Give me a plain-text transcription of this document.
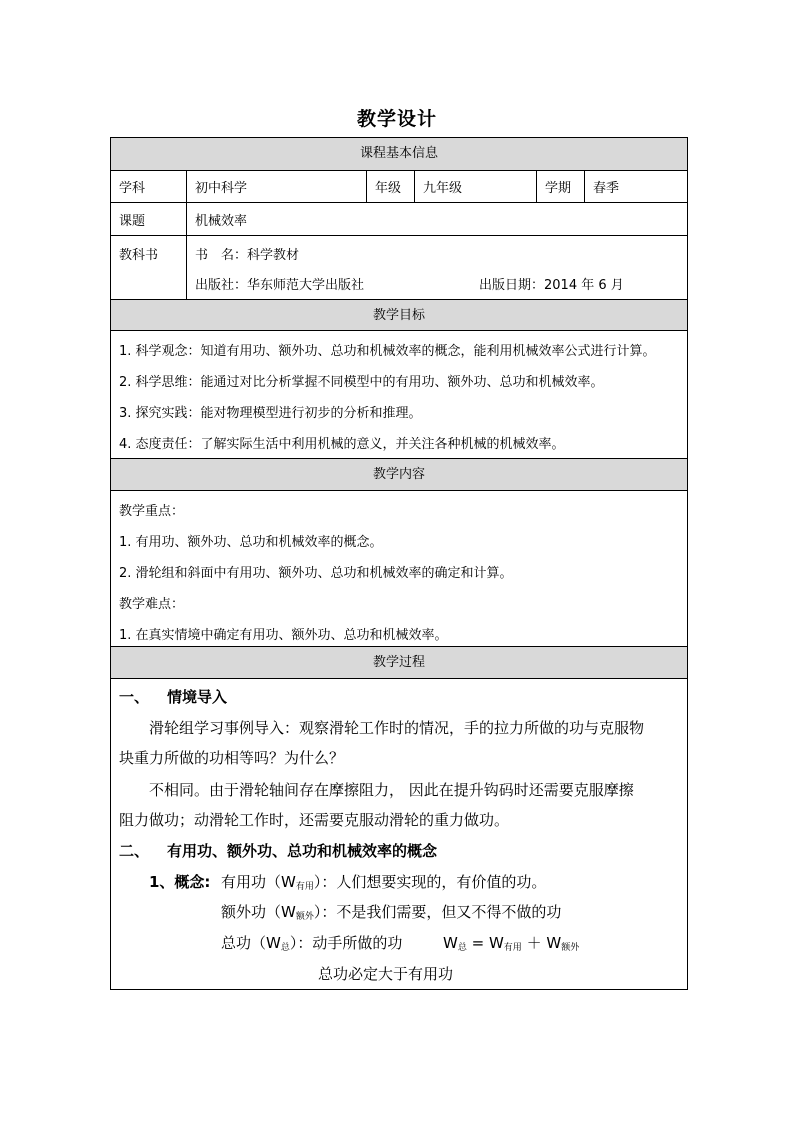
教学设计
课程基本信息
学科	初中科学	年级	九年级	学期	春季
课题	机械效率
教科书	书　名：科学教材
出版社：华东师范大学出版社	出版日期：2014 年 6 月
教学目标
1. 科学观念：知道有用功、额外功、总功和机械效率的概念，能利用机械效率公式进行计算。
2. 科学思维：能通过对比分析掌握不同模型中的有用功、额外功、总功和机械效率。
3. 探究实践：能对物理模型进行初步的分析和推理。
4. 态度责任：了解实际生活中利用机械的意义，并关注各种机械的机械效率。
教学内容
教学重点：
1. 有用功、额外功、总功和机械效率的概念。
2. 滑轮组和斜面中有用功、额外功、总功和机械效率的确定和计算。
教学难点：
1. 在真实情境中确定有用功、额外功、总功和机械效率。
教学过程
一、 情境导入
滑轮组学习事例导入：观察滑轮工作时的情况，手的拉力所做的功与克服物
块重力所做的功相等吗？为什么？
不相同。由于滑轮轴间存在摩擦阻力， 因此在提升钩码时还需要克服摩擦
阻力做功；动滑轮工作时，还需要克服动滑轮的重力做功。
二、 有用功、额外功、总功和机械效率的概念
1、概念: 有用功$(W_{有用})$：人们想要实现的，有价值的功。
额外功$(W_{额外})$：不是我们需要，但又不得不做的功
总功$(W_总)$：动手所做的功	$W_总 = W_{有用} + W_{额外}$
总功必定大于有用功
